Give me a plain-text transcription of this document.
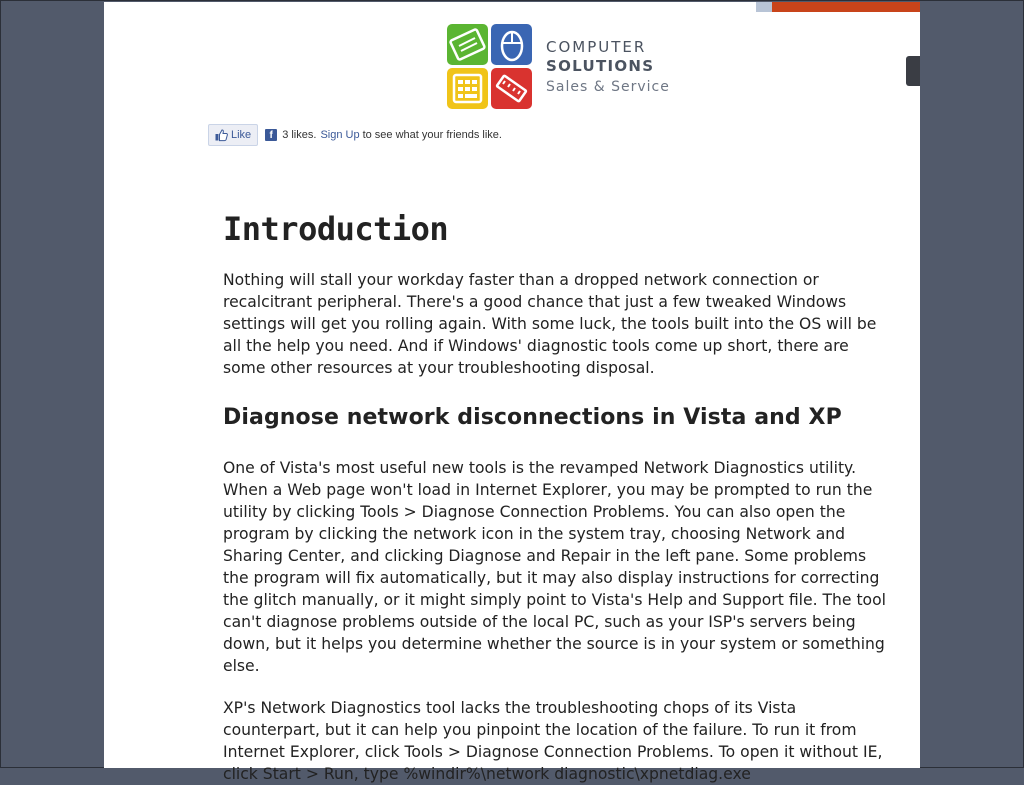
COMPUTER
SOLUTIONS
Sales & Service
Like	f 3 likes. Sign Up to see what your friends like.
Introduction

Nothing will stall your workday faster than a dropped network connection or recalcitrant peripheral. There's a good chance that just a few tweaked Windows settings will get you rolling again. With some luck, the tools built into the OS will be all the help you need. And if Windows' diagnostic tools come up short, there are some other resources at your troubleshooting disposal.

Diagnose network disconnections in Vista and XP

One of Vista's most useful new tools is the revamped Network Diagnostics utility. When a Web page won't load in Internet Explorer, you may be prompted to run the utility by clicking Tools > Diagnose Connection Problems. You can also open the program by clicking the network icon in the system tray, choosing Network and Sharing Center, and clicking Diagnose and Repair in the left pane. Some problems the program will fix automatically, but it may also display instructions for correcting the glitch manually, or it might simply point to Vista's Help and Support file. The tool can't diagnose problems outside of the local PC, such as your ISP's servers being down, but it helps you determine whether the source is in your system or something else.

XP's Network Diagnostics tool lacks the troubleshooting chops of its Vista counterpart, but it can help you pinpoint the location of the failure. To run it from Internet Explorer, click Tools > Diagnose Connection Problems. To open it without IE, click Start > Run, type %windir%\network diagnostic\xpnetdiag.exe
